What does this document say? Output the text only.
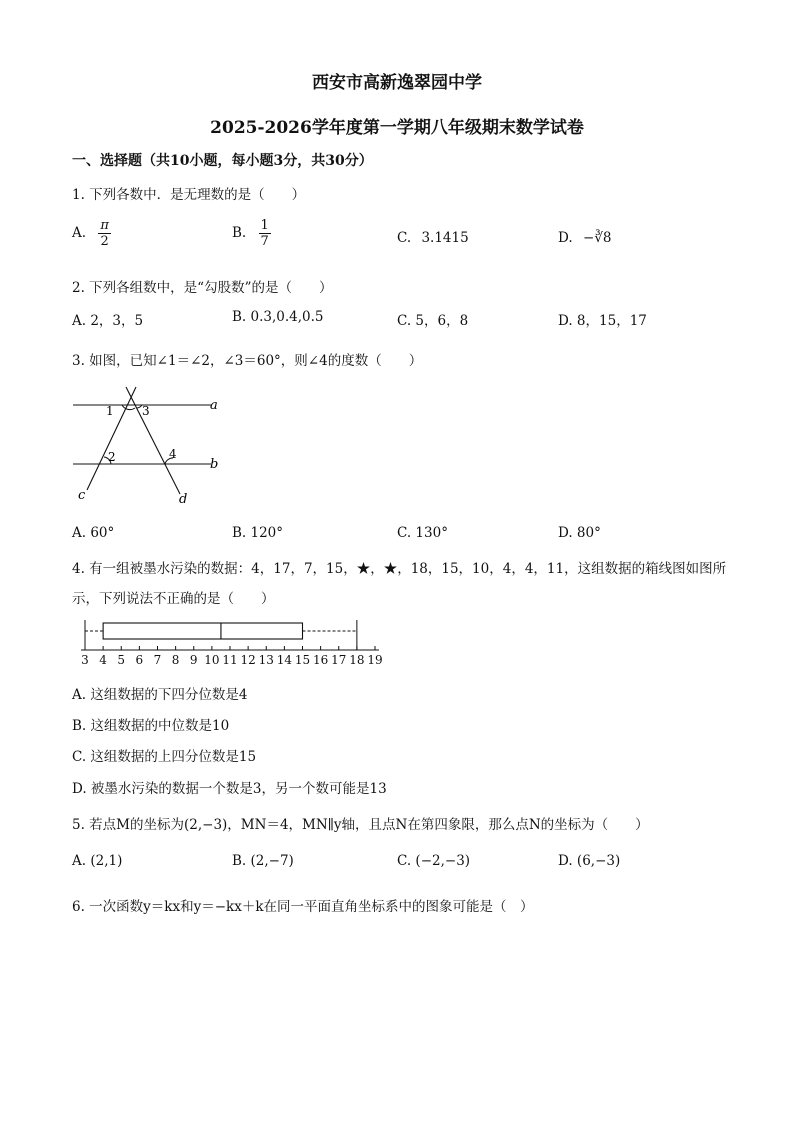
西安市高新逸翠园中学
2025-2026学年度第一学期八年级期末数学试卷
一、选择题（共10小题，每小题3分，共30分）
1. 下列各数中．是无理数的是（　　）
A. $\frac{\pi}{2}$	B. $\frac{1}{7}$	C. 3.1415	D. −∛8
2. 下列各组数中，是“勾股数”的是（　　）
A. 2，3，5	B. 0.3,0.4,0.5	C. 5，6，8	D. 8，15，17
3. 如图，已知∠1＝∠2，∠3＝60°，则∠4的度数（　　）
1 3
2	4
a
b
c	d
A. 60°	B. 120°	C. 130°	D. 80°
4. 有一组被墨水污染的数据：4，17，7，15，★，★，18，15，10，4，4，11，这组数据的箱线图如图所
示，下列说法不正确的是（　　）
3 4 5 6 7 8 9 10 11 12 13 14 15 16 17 18 19
A. 这组数据的下四分位数是4
B. 这组数据的中位数是10
C. 这组数据的上四分位数是15
D. 被墨水污染的数据一个数是3，另一个数可能是13
5. 若点M的坐标为(2,−3)，MN＝4，MN∥y轴，且点N在第四象限，那么点N的坐标为（　　）
A. (2,1)	B. (2,−7)	C. (−2,−3)	D. (6,−3)
6. 一次函数y＝kx和y＝−kx＋k在同一平面直角坐标系中的图象可能是（　）
